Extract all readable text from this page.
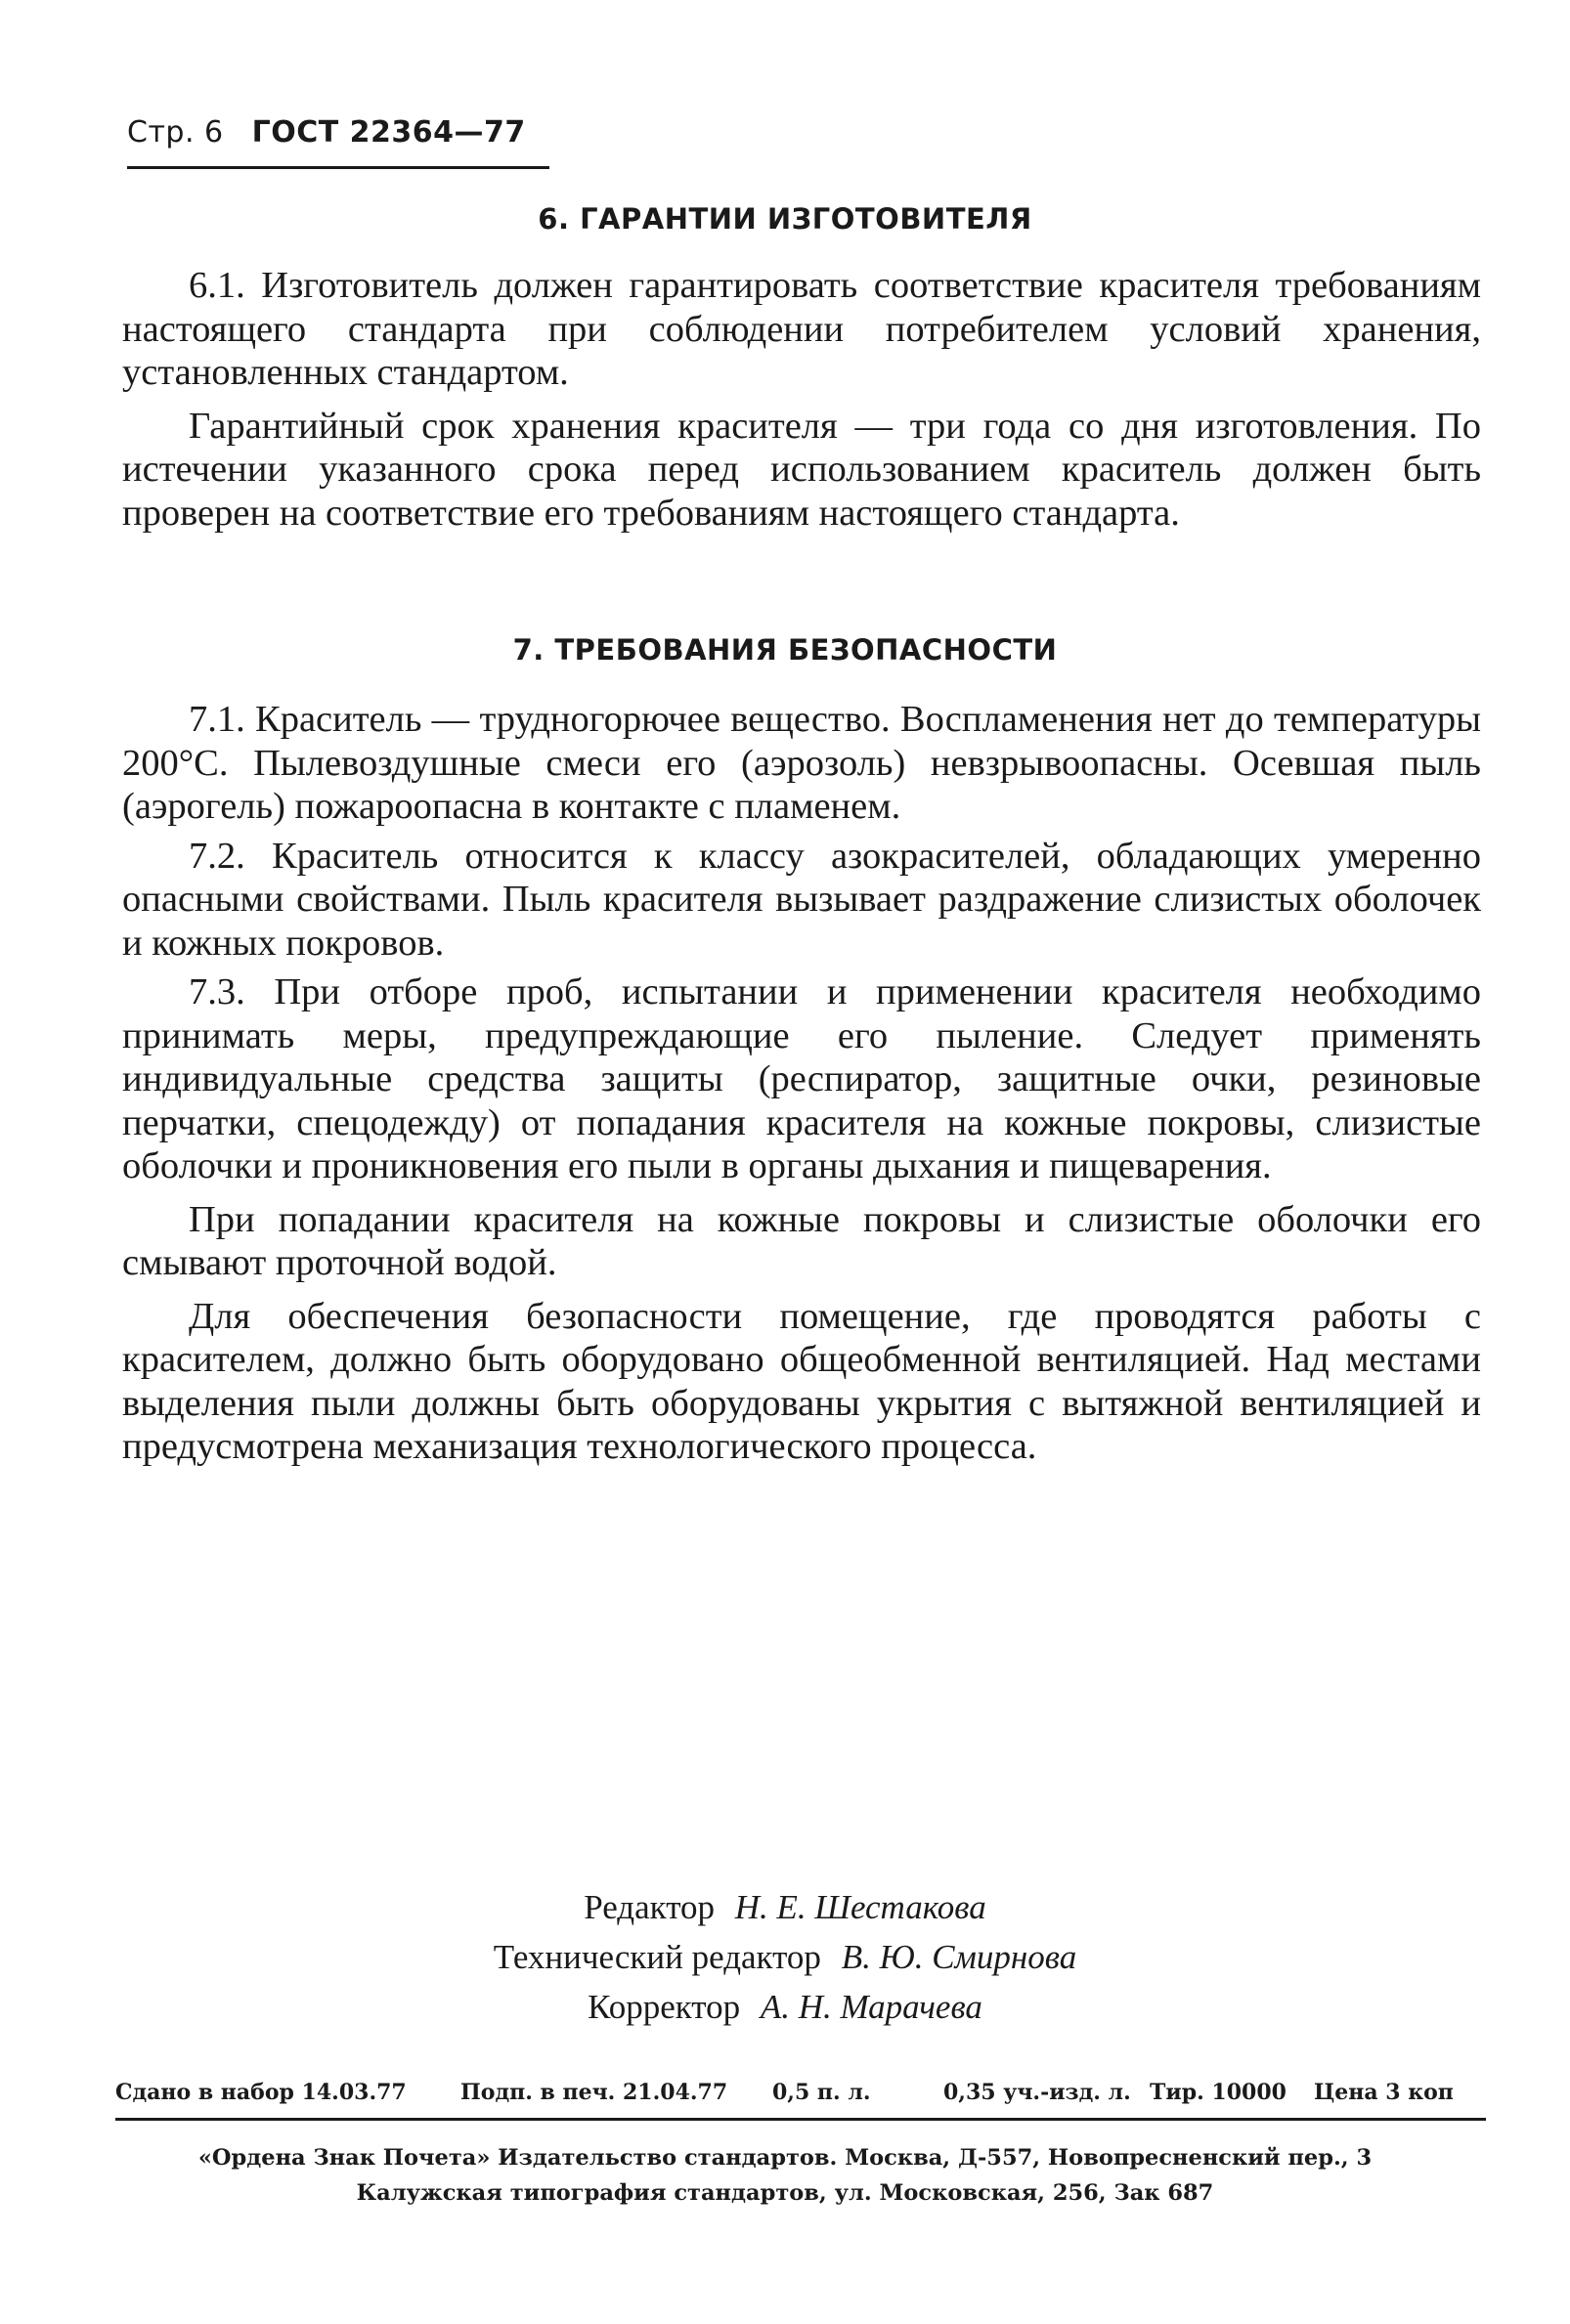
Стр. 6 ГОСТ 22364—77
6. ГАРАНТИИ ИЗГОТОВИТЕЛЯ

6.1. Изготовитель должен гарантировать соответствие красителя требованиям настоящего стандарта при соблюдении потребителем условий хранения, установленных стандартом.

Гарантийный срок хранения красителя — три года со дня изготовления. По истечении указанного срока перед использованием краситель должен быть проверен на соответствие его требованиям настоящего стандарта.

7. ТРЕБОВАНИЯ БЕЗОПАСНОСТИ

7.1. Краситель — трудногорючее вещество. Воспламенения нет до температуры 200°С. Пылевоздушные смеси его (аэрозоль) невзрывоопасны. Осевшая пыль (аэрогель) пожароопасна в контакте с пламенем.

7.2. Краситель относится к классу азокрасителей, обладающих умеренно опасными свойствами. Пыль красителя вызывает раздражение слизистых оболочек и кожных покровов.

7.3. При отборе проб, испытании и применении красителя необходимо принимать меры, предупреждающие его пыление. Следует применять индивидуальные средства защиты (респиратор, защитные очки, резиновые перчатки, спецодежду) от попадания красителя на кожные покровы, слизистые оболочки и проникновения его пыли в органы дыхания и пищеварения.

При попадании красителя на кожные покровы и слизистые оболочки его смывают проточной водой.

Для обеспечения безопасности помещение, где проводятся работы с красителем, должно быть оборудовано общеобменной вентиляцией. Над местами выделения пыли должны быть оборудованы укрытия с вытяжной вентиляцией и предусмотрена механизация технологического процесса.

Редактор Н. Е. Шестакова
Технический редактор В. Ю. Смирнова
Корректор А. Н. Марачева
Сдано в набор 14.03.77	Подп. в печ. 21.04.77 0,5 п. л.	0,35 уч.-изд. л. Тир. 10000 Цена 3 коп
«Ордена Знак Почета» Издательство стандартов. Москва, Д-557, Новопресненский пер., 3
Калужская типография стандартов, ул. Московская, 256, Зак 687
